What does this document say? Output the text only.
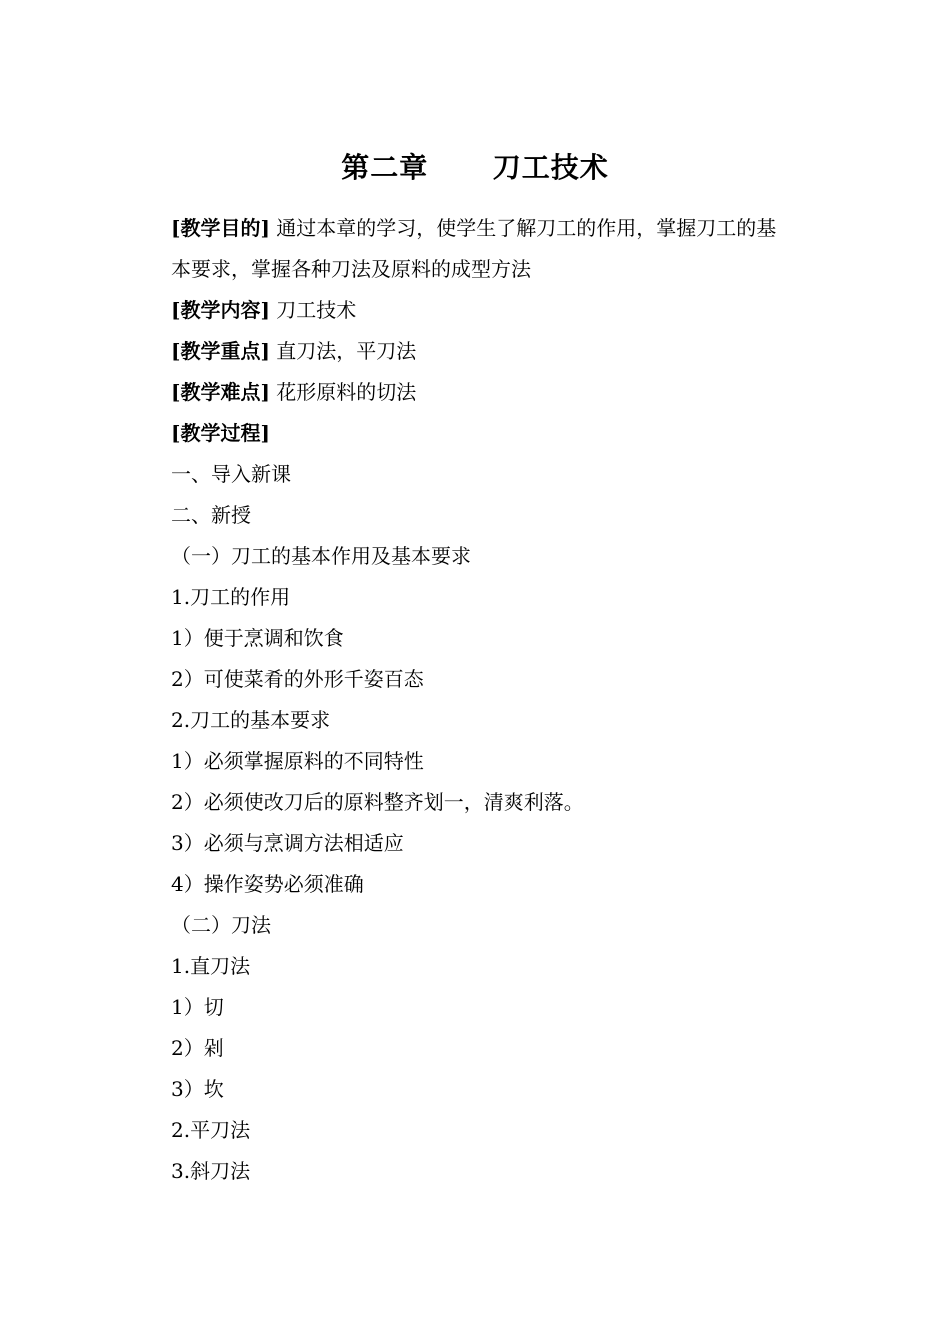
第二章      刀工技术
[教学目的] 通过本章的学习，使学生了解刀工的作用，掌握刀工的基本要求，掌握各种刀法及原料的成型方法
[教学内容] 刀工技术
[教学重点] 直刀法，平刀法
[教学难点] 花形原料的切法
[教学过程]
一、导入新课
二、新授
（一）刀工的基本作用及基本要求
1.刀工的作用
1）便于烹调和饮食
2）可使菜肴的外形千姿百态
2.刀工的基本要求
1）必须掌握原料的不同特性
2）必须使改刀后的原料整齐划一，清爽利落。
3）必须与烹调方法相适应
4）操作姿势必须准确
（二）刀法
1.直刀法
1）切
2）剁
3）坎
2.平刀法
3.斜刀法
